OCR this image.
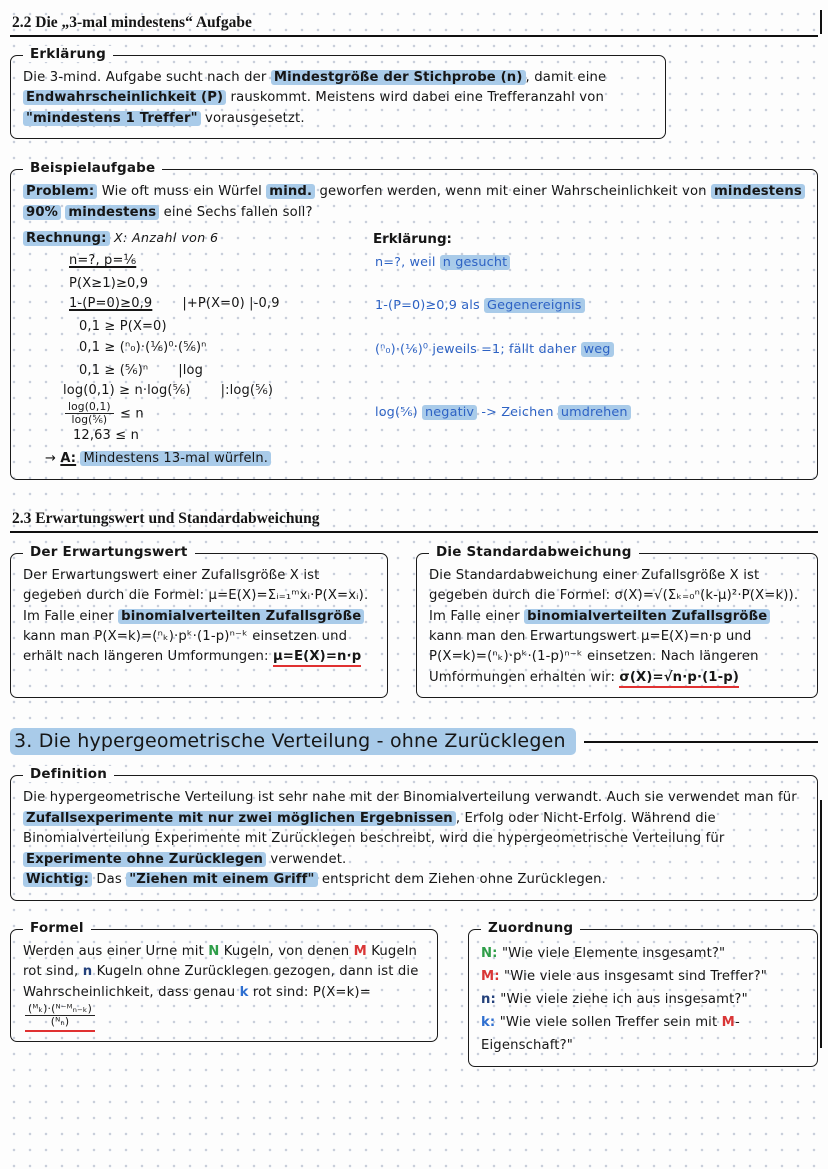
2.2 Die „3-mal mindestens“ Aufgabe
Erklärung

Die 3-mind. Aufgabe sucht nach der Mindestgröße der Stichprobe (n) , damit eine Endwahrscheinlichkeit (P) rauskommt. Meistens wird dabei eine Trefferanzahl von "mindestens 1 Treffer" vorausgesetzt.

Beispielaufgabe

Problem: Wie oft muss ein Würfel mind. geworfen werden, wenn mit einer Wahrscheinlichkeit von mindestens 90% mindestens eine Sechs fallen soll?

Rechnung: X: Anzahl von 6	Erklärung:
n=?, p=⅙	n=?, weil n gesucht
P(X≥1)≥0,9
1-(P=0)≥0,9 |+P(X=0) |-0,9	1-(P=0)≥0,9 als Gegenereignis
0,1 ≥ P(X=0)
0,1 ≥ (ⁿ₀)·(⅙)⁰·(⅚)ⁿ	(ⁿ₀)·(⅙)⁰ jeweils =1; fällt daher weg
0,1 ≥ (⅚)ⁿ |log
log(0,1) ≥ n·log(⅚) |:log(⅚)
$\frac{\log(0,1)}{\text{log(⅚)}} \le n$	log(⅚) negativ -> Zeichen umdrehen
12,63 ≤ n

→ A: Mindestens 13-mal würfeln.

2.3 Erwartungswert und Standardabweichung
Der Erwartungswert

Der Erwartungswert einer Zufallsgröße X ist gegeben durch die Formel: μ=E(X)=Σᵢ₌₁ᵐxᵢ·P(X=xᵢ). Im Falle einer binomialverteilten Zufallsgröße kann man P(X=k)=(ⁿₖ)·pᵏ·(1-p)ⁿ⁻ᵏ einsetzen und erhält nach längeren Umformungen: μ=E(X)=n·p

Die Standardabweichung

Die Standardabweichung einer Zufallsgröße X ist gegeben durch die Formel: σ(X)=√(Σₖ₌₀ⁿ(k-μ)²·P(X=k)). Im Falle einer binomialverteilten Zufallsgröße kann man den Erwartungswert μ=E(X)=n·p und P(X=k)=(ⁿₖ)·pᵏ·(1-p)ⁿ⁻ᵏ einsetzen. Nach längeren Umformungen erhalten wir: σ(X)=√n·p·(1-p)

3. Die hypergeometrische Verteilung - ohne Zurücklegen
Definition

Die hypergeometrische Verteilung ist sehr nahe mit der Binomialverteilung verwandt. Auch sie verwendet man für Zufallsexperimente mit nur zwei möglichen Ergebnissen , Erfolg oder Nicht-Erfolg. Während die Binomialverteilung Experimente mit Zurücklegen beschreibt, wird die hypergeometrische Verteilung für Experimente ohne Zurücklegen verwendet.

Wichtig: Das "Ziehen mit einem Griff" entspricht dem Ziehen ohne Zurücklegen.

Formel

Werden aus einer Urne mit N Kugeln, von denen M Kugeln rot sind, n Kugeln ohne Zurücklegen gezogen, dann ist die Wahrscheinlichkeit, dass genau k rot sind: P(X=k)=
$\frac{\text{(ᴹₖ)·(ᴺ⁻ᴹₙ₋ₖ)}}{\text{(ᴺₙ)}}$

Zuordnung

N: "Wie viele Elemente insgesamt?"

M: "Wie viele aus insgesamt sind Treffer?"

n: "Wie viele ziehe ich aus insgesamt?"

k: "Wie viele sollen Treffer sein mit M-Eigenschaft?"
